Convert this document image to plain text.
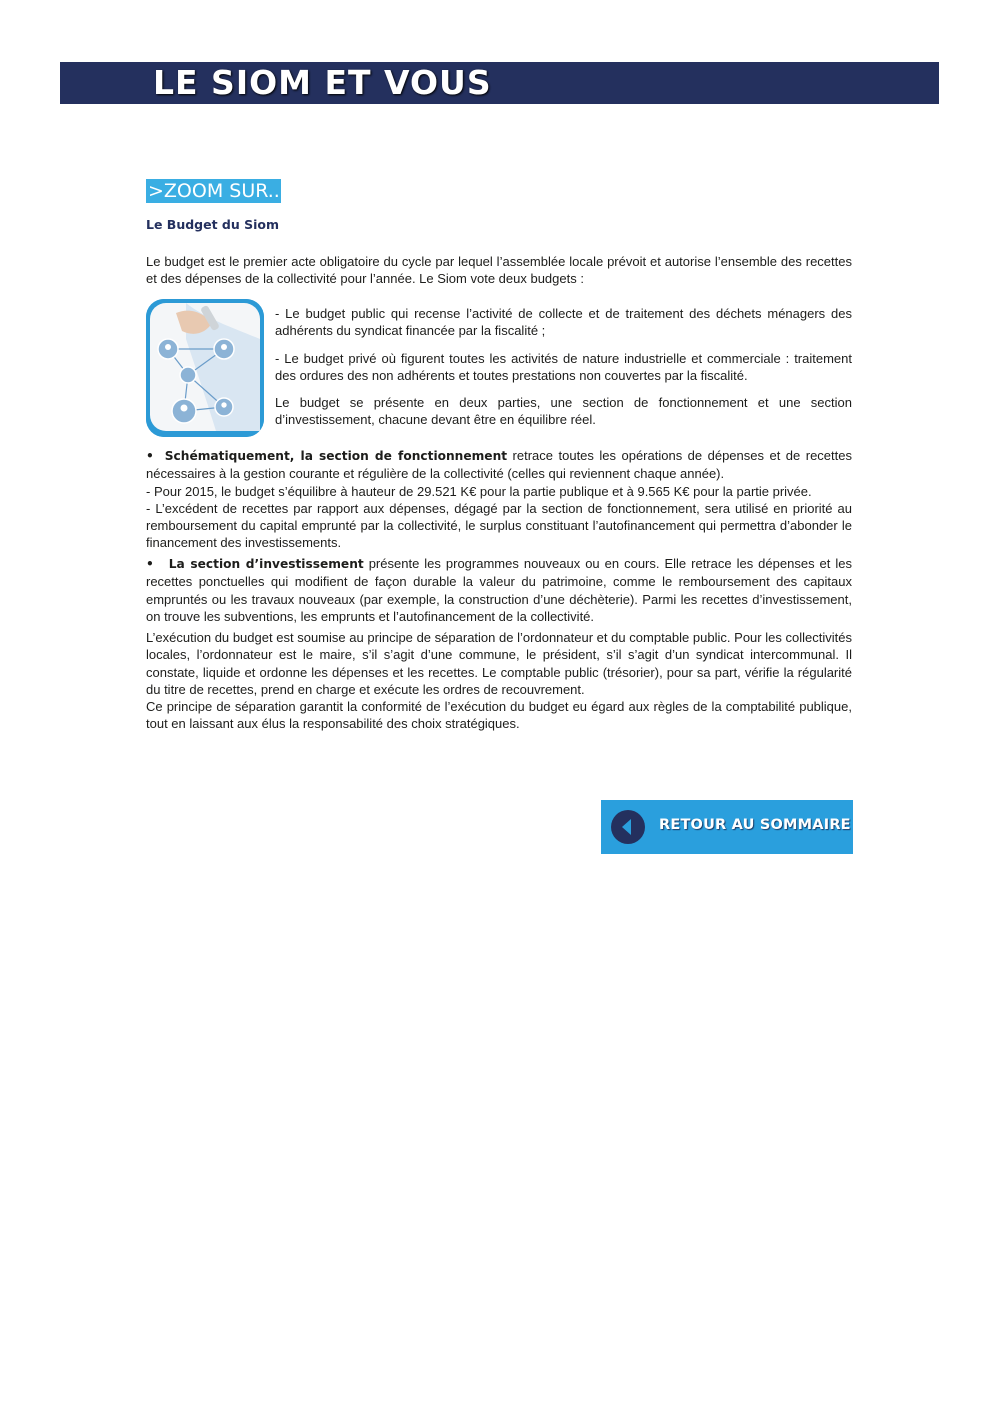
LE SIOM ET VOUS
>ZOOM SUR..
Le Budget du Siom

Le budget est le premier acte obligatoire du cycle par lequel l’assemblée locale prévoit et autorise l’ensemble des recettes et des dépenses de la collectivité pour l’année. Le Siom vote deux budgets :

- Le budget public qui recense l’activité de collecte et de traitement des déchets ménagers des adhérents du syndicat financée par la fiscalité ;

- Le budget privé où figurent toutes les activités de nature industrielle et commerciale : traitement des ordures des non adhérents et toutes prestations non couvertes par la fiscalité.

Le budget se présente en deux parties, une section de fonctionnement et une section d’investissement, chacune devant être en équilibre réel.

• Schématiquement, la section de fonctionnement retrace toutes les opérations de dépenses et de recettes nécessaires à la gestion courante et régulière de la collectivité (celles qui reviennent chaque année).
- Pour 2015, le budget s’équilibre à hauteur de 29.521 K€ pour la partie publique et à 9.565 K€ pour la partie privée.
- L’excédent de recettes par rapport aux dépenses, dégagé par la section de fonctionnement, sera utilisé en priorité au remboursement du capital emprunté par la collectivité, le surplus constituant l’autofinancement qui permettra d’abonder le financement des investissements.
• La section d’investissement présente les programmes nouveaux ou en cours. Elle retrace les dépenses et les recettes ponctuelles qui modifient de façon durable la valeur du patrimoine, comme le remboursement des capitaux empruntés ou les travaux nouveaux (par exemple, la construction d’une déchèterie). Parmi les recettes d’investissement, on trouve les subventions, les emprunts et l’autofinancement de la collectivité.
L’exécution du budget est soumise au principe de séparation de l’ordonnateur et du comptable public. Pour les collectivités locales, l’ordonnateur est le maire, s’il s’agit d’une commune, le président, s’il s’agit d’un syndicat intercommunal. Il constate, liquide et ordonne les dépenses et les recettes. Le comptable public (trésorier), pour sa part, vérifie la régularité du titre de recettes, prend en charge et exécute les ordres de recouvrement.
Ce principe de séparation garantit la conformité de l’exécution du budget eu égard aux règles de la comptabilité publique, tout en laissant aux élus la responsabilité des choix stratégiques.
RETOUR AU SOMMAIRE
